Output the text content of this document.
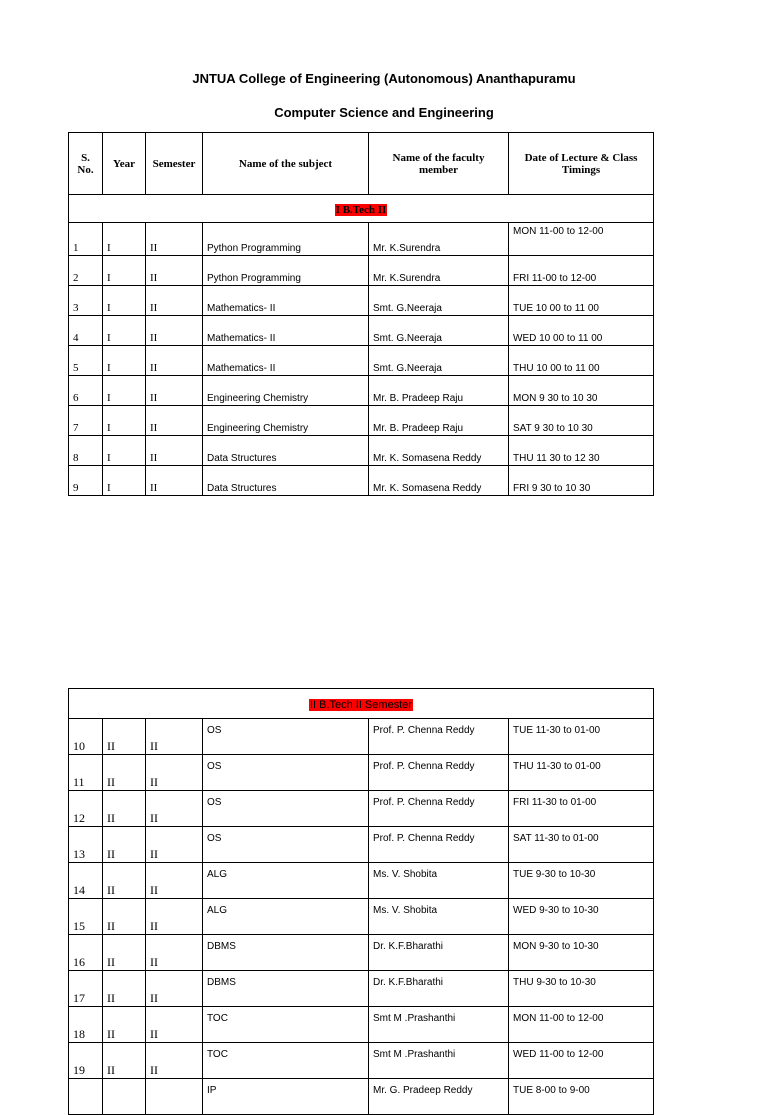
JNTUA College of Engineering (Autonomous) Ananthapuramu
Computer Science and Engineering
S. No.	Year	Semester	Name of the subject	Name of the faculty member	Date of Lecture & Class Timings
I B.Tech II					
1	I	II	Python Programming	Mr. K.Surendra	MON 11-00 to 12-00
2	I	II	Python Programming	Mr. K.Surendra	FRI 11-00 to 12-00
3	I	II	Mathematics- II	Smt. G.Neeraja	TUE 10 00 to 11 00
4	I	II	Mathematics- II	Smt. G.Neeraja	WED 10 00 to 11 00
5	I	II	Mathematics- II	Smt. G.Neeraja	THU 10 00 to 11 00
6	I	II	Engineering Chemistry	Mr. B. Pradeep Raju	MON 9 30 to 10 30
7	I	II	Engineering Chemistry	Mr. B. Pradeep Raju	SAT 9 30 to 10 30
8	I	II	Data Structures	Mr. K. Somasena Reddy	THU 11 30 to 12 30
9	I	II	Data Structures	Mr. K. Somasena Reddy	FRI 9 30 to 10 30
II B.Tech II Semester					
10	II	II	OS	Prof. P. Chenna Reddy	TUE 11-30 to 01-00
11	II	II	OS	Prof. P. Chenna Reddy	THU 11-30 to 01-00
12	II	II	OS	Prof. P. Chenna Reddy	FRI 11-30 to 01-00
13	II	II	OS	Prof. P. Chenna Reddy	SAT 11-30 to 01-00
14	II	II	ALG	Ms. V. Shobita	TUE 9-30 to 10-30
15	II	II	ALG	Ms. V. Shobita	WED 9-30 to 10-30
16	II	II	DBMS	Dr. K.F.Bharathi	MON 9-30 to 10-30
17	II	II	DBMS	Dr. K.F.Bharathi	THU 9-30 to 10-30
18	II	II	TOC	Smt M .Prashanthi	MON 11-00 to 12-00
19	II	II	TOC	Smt M .Prashanthi	WED 11-00 to 12-00
			IP	Mr. G. Pradeep Reddy	TUE 8-00 to 9-00
